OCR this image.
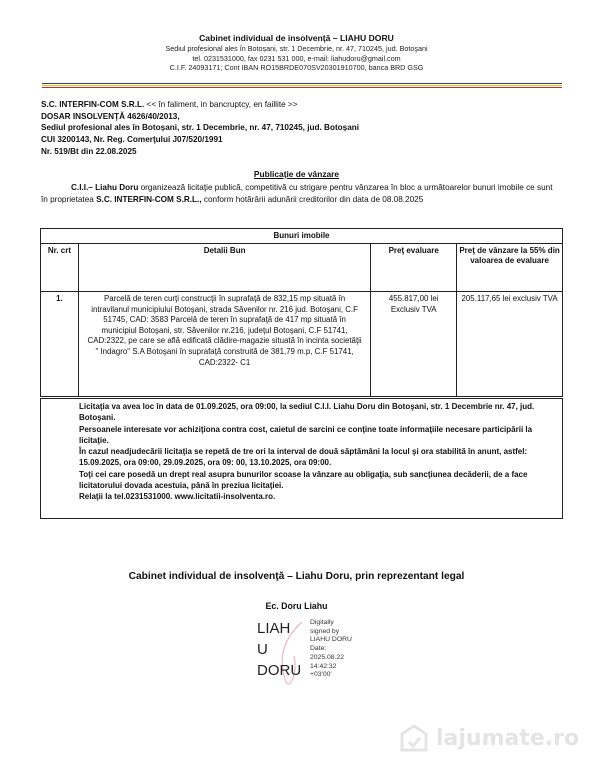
Cabinet individual de insolvenţă – LIAHU DORU
Sediul profesional ales în Botoșani, str. 1 Decembrie, nr. 47, 710245, jud. Botoşani
tel. 0231531000, fax 0231 531 000, e-mail: liahudoru@gmail.com
C.I.F. 24093171; Cont IBAN RO15BRDE070SV20301910700, banca BRD GSG
S.C. INTERFIN-COM S.R.L. << în faliment, in bancruptcy, en faillite >>
DOSAR INSOLVENŢĂ 4626/40/2013,
Sediul profesional ales în Botoșani, str. 1 Decembrie, nr. 47, 710245, jud. Botoșani
CUI 3200143, Nr. Reg. Comerţului J07/520/1991
Nr. 519/Bt din 22.08.2025
Publicaţie de vânzare
C.I.I.– Liahu Doru organizează licitaţie publică, competitivă cu strigare pentru vânzarea în bloc a următoarelor bunuri imobile ce sunt în proprietatea S.C. INTERFIN-COM S.R.L., conform hotărârii adunării creditorilor din data de 08.08.2025
Bunuri imobile			
Nr. crt	Detalii Bun	Preţ evaluare	Preţ de vânzare la 55% din valoarea de evaluare
1.	Parcelă de teren curţi construcţii în suprafaţă de 832,15 mp situată în intravilanul municipiului Botoşani, strada Săvenilor nr. 216 jud. Botoşani, C.F 51745, CAD: 3583 Parcelă de teren în suprafaţă de 417 mp situată în municipiul Botoşani, str. Săvenilor nr.216, judeţul Botoşani, C.F 51741, CAD:2322, pe care se află edificată clădire-magazie situată în incinta societăţii " Indagro" S.A Botoşani în suprafaţă construită de 381,79 m.p, C.F 51741, CAD:2322- C1	455.817,00 lei Exclusiv TVA	205.117,65 lei exclusiv TVA

Licitaţia va avea loc în data de 01.09.2025, ora 09:00, la sediul C.I.I. Liahu Doru din Botoşani, str. 1 Decembrie nr. 47, jud. Botoşani.

Persoanele interesate vor achiziţiona contra cost, caietul de sarcini ce conţine toate informaţiile necesare participării la licitaţie.

În cazul neadjudecării licitaţia se repetă de tre ori la interval de două săptămâni la locul şi ora stabilită în anunt, astfel: 15.09.2025, ora 09:00, 29.09.2025, ora 09: 00, 13.10.2025, ora 09:00.

Toţi cei care posedă un drept real asupra bunurilor scoase la vânzare au obligaţia, sub sancţiunea decăderii, de a face licitatorului dovada acestuia, până în preziua licitaţiei.

Relaţii la tel.0231531000. www.licitatii-insolventa.ro.

Cabinet individual de insolvenţă – Liahu Doru, prin reprezentant legal
Ec. Doru Liahu
LIAH
U
DORU
Digitally
signed by
LIAHU DORU
Date:
2025.08.22
14:42:32
+03'00'
lajumate.ro
